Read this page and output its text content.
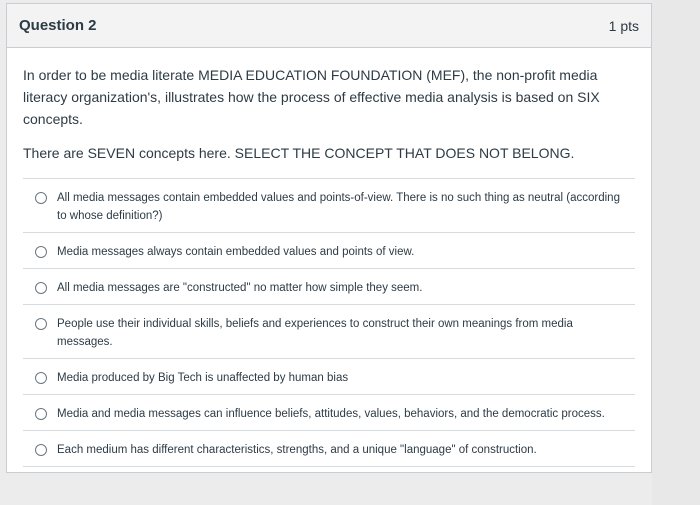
Question 2	1 pts

In order to be media literate MEDIA EDUCATION FOUNDATION (MEF), the non-profit media literacy organization's, illustrates how the process of effective media analysis is based on SIX concepts.

There are SEVEN concepts here. SELECT THE CONCEPT THAT DOES NOT BELONG.

All media messages contain embedded values and points-of-view. There is no such thing as neutral (according to whose definition?)
Media messages always contain embedded values and points of view.
All media messages are "constructed" no matter how simple they seem.
People use their individual skills, beliefs and experiences to construct their own meanings from media messages.
Media produced by Big Tech is unaffected by human bias
Media and media messages can influence beliefs, attitudes, values, behaviors, and the democratic process.
Each medium has different characteristics, strengths, and a unique "language" of construction.
